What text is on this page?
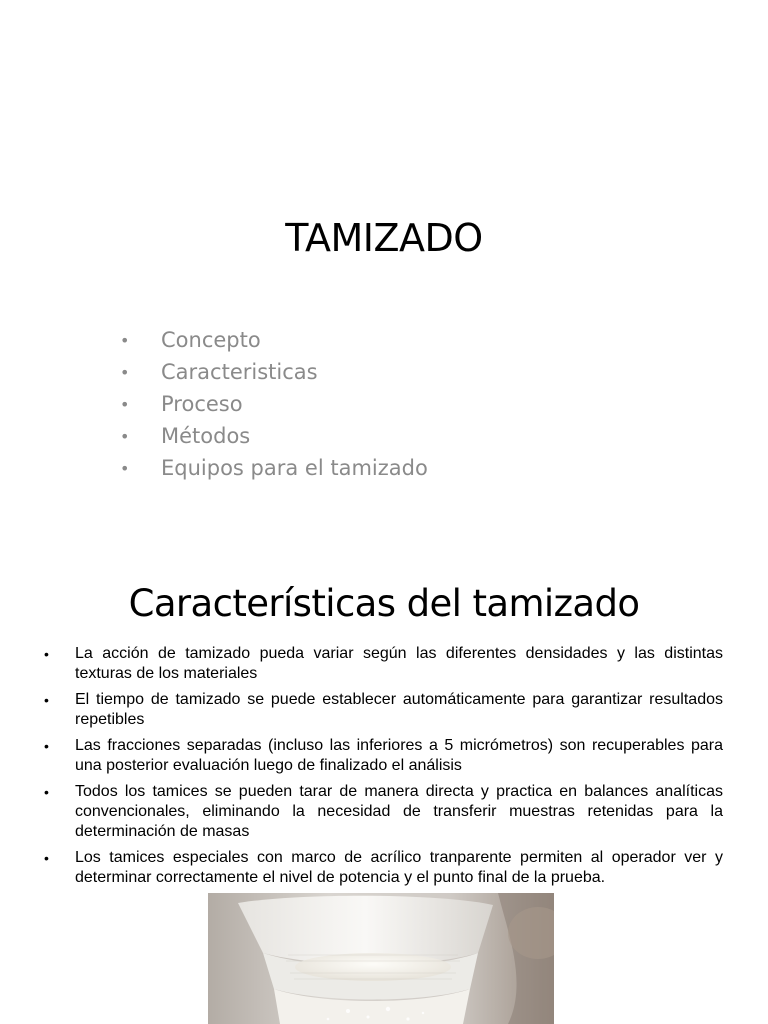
TAMIZADO
•	Concepto
•	Caracteristicas
•	Proceso
•	Métodos
•	Equipos para el tamizado
Características del tamizado
•	La acción de tamizado pueda variar según las diferentes densidades y las distintas texturas de los materiales
•	El tiempo de tamizado se puede establecer automáticamente para garantizar resultados repetibles
•	Las fracciones separadas (incluso las inferiores a 5 micrómetros) son recuperables para una posterior evaluación luego de finalizado el análisis
•	Todos los tamices se pueden tarar de manera directa y practica en balances analíticas convencionales, eliminando la necesidad de transferir muestras retenidas para la determinación de masas
•	Los tamices especiales con marco de acrílico tranparente permiten al operador ver y determinar correctamente el nivel de potencia y el punto final de la prueba.
